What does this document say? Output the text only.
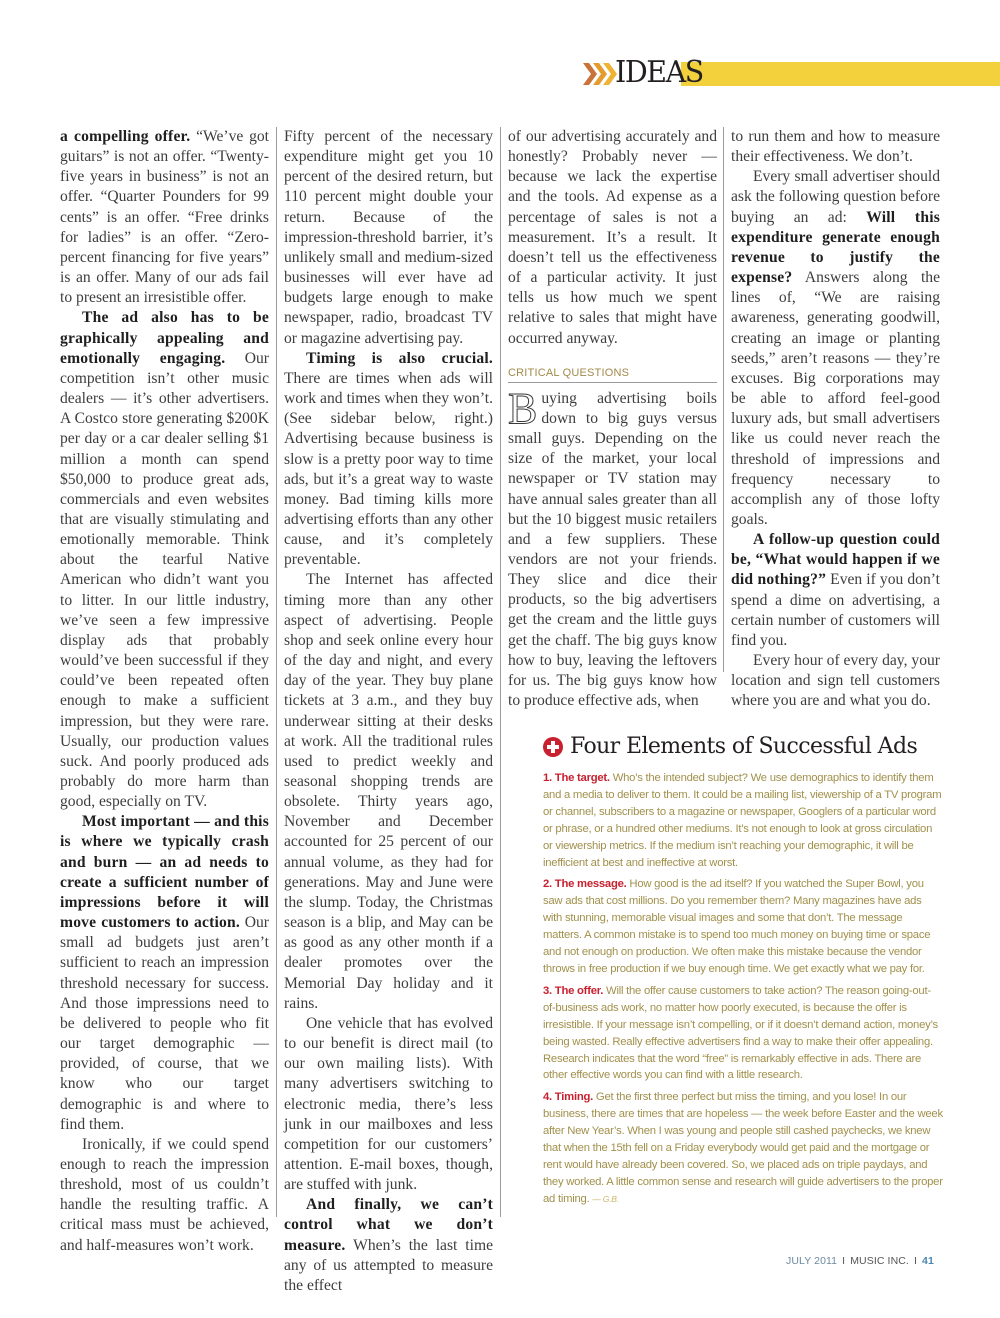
IDEAS

a compelling offer. “We’ve got guitars” is not an offer. “Twenty-five years in business” is not an offer. “Quarter Pounders for 99 cents” is an offer. “Free drinks for ladies” is an offer. “Zero-percent financing for five years” is an offer. Many of our ads fail to present an irresistible offer.

The ad also has to be graphically appealing and emotionally engaging. Our competition isn’t other music dealers — it’s other advertisers. A Costco store generating $200K per day or a car dealer selling $1 million a month can spend $50,000 to produce great ads, commercials and even websites that are visually stimulating and emotionally memorable. Think about the tearful Native American who didn’t want you to litter. In our little industry, we’ve seen a few impressive display ads that probably would’ve been successful if they could’ve been repeated often enough to make a sufficient impression, but they were rare. Usually, our production values suck. And poorly produced ads probably do more harm than good, especially on TV.

Most important — and this is where we typically crash and burn — an ad needs to create a sufficient number of impressions before it will move customers to action. Our small ad budgets just aren’t sufficient to reach an impression threshold necessary for success. And those impressions need to be delivered to people who fit our target demographic — provided, of course, that we know who our target demographic is and where to find them.

Ironically, if we could spend enough to reach the impression threshold, most of us couldn’t handle the resulting traffic. A critical mass must be achieved, and half-measures won’t work.

Fifty percent of the necessary expenditure might get you 10 percent of the desired return, but 110 percent might double your return. Because of the impression-threshold barrier, it’s unlikely small and medium-sized businesses will ever have ad budgets large enough to make newspaper, radio, broadcast TV or magazine advertising pay.

Timing is also crucial. There are times when ads will work and times when they won’t. (See sidebar below, right.) Advertising because business is slow is a pretty poor way to time ads, but it’s a great way to waste money. Bad timing kills more advertising efforts than any other cause, and it’s completely preventable.

The Internet has affected timing more than any other aspect of advertising. People shop and seek online every hour of the day and night, and every day of the year. They buy plane tickets at 3 a.m., and they buy underwear sitting at their desks at work. All the traditional rules used to predict weekly and seasonal shopping trends are obsolete. Thirty years ago, November and December accounted for 25 percent of our annual volume, as they had for generations. May and June were the slump. Today, the Christmas season is a blip, and May can be as good as any other month if a dealer promotes over the Memorial Day holiday and it rains.

One vehicle that has evolved to our benefit is direct mail (to our own mailing lists). With many advertisers switching to electronic media, there’s less junk in our mailboxes and less competition for our customers’ attention. E-mail boxes, though, are stuffed with junk.

And finally, we can’t control what we don’t measure. When’s the last time any of us attempted to measure the effect

of our advertising accurately and honestly? Probably never — because we lack the expertise and the tools. Ad expense as a percentage of sales is not a measurement. It’s a result. It doesn’t tell us the effectiveness of a particular activity. It just tells us how much we spent relative to sales that might have occurred anyway.

CRITICAL QUESTIONS

Buying advertising boils down to big guys versus small guys. Depending on the size of the market, your local newspaper or TV station may have annual sales greater than all but the 10 biggest music retailers and a few suppliers. These vendors are not your friends. They slice and dice their products, so the big advertisers get the cream and the little guys get the chaff. The big guys know how to buy, leaving the leftovers for us. The big guys know how to produce effective ads, when

to run them and how to measure their effectiveness. We don’t.

Every small advertiser should ask the following question before buying an ad: Will this expenditure generate enough revenue to justify the expense? Answers along the lines of, “We are raising awareness, generating goodwill, creating an image or planting seeds,” aren’t reasons — they’re excuses. Big corporations may be able to afford feel-good luxury ads, but small advertisers like us could never reach the threshold of impressions and frequency necessary to accomplish any of those lofty goals.

A follow-up question could be, “What would happen if we did nothing?” Even if you don’t spend a dime on advertising, a certain number of customers will find you.

Every hour of every day, your location and sign tell customers where you are and what you do.

Four Elements of Successful Ads
1. The target. Who’s the intended subject? We use demographics to identify them and a media to deliver to them. It could be a mailing list, viewership of a TV program or channel, subscribers to a magazine or newspaper, Googlers of a particular word or phrase, or a hundred other mediums. It’s not enough to look at gross circulation or viewership metrics. If the medium isn’t reaching your demographic, it will be inefficient at best and ineffective at worst.
2. The message. How good is the ad itself? If you watched the Super Bowl, you saw ads that cost millions. Do you remember them? Many magazines have ads with stunning, memorable visual images and some that don’t. The message matters. A common mistake is to spend too much money on buying time or space and not enough on production. We often make this mistake because the vendor throws in free production if we buy enough time. We get exactly what we pay for.
3. The offer. Will the offer cause customers to take action? The reason going-out-of-business ads work, no matter how poorly executed, is because the offer is irresistible. If your message isn’t compelling, or if it doesn’t demand action, money’s being wasted. Really effective advertisers find a way to make their offer appealing. Research indicates that the word “free” is remarkably effective in ads. There are other effective words you can find with a little research.
4. Timing. Get the first three perfect but miss the timing, and you lose! In our business, there are times that are hopeless — the week before Easter and the week after New Year’s. When I was young and people still cashed paychecks, we knew that when the 15th fell on a Friday everybody would get paid and the mortgage or rent would have already been covered. So, we placed ads on triple paydays, and they worked. A little common sense and research will guide advertisers to the proper ad timing. — G.B.
JULY 2011 I MUSIC INC. I 41
